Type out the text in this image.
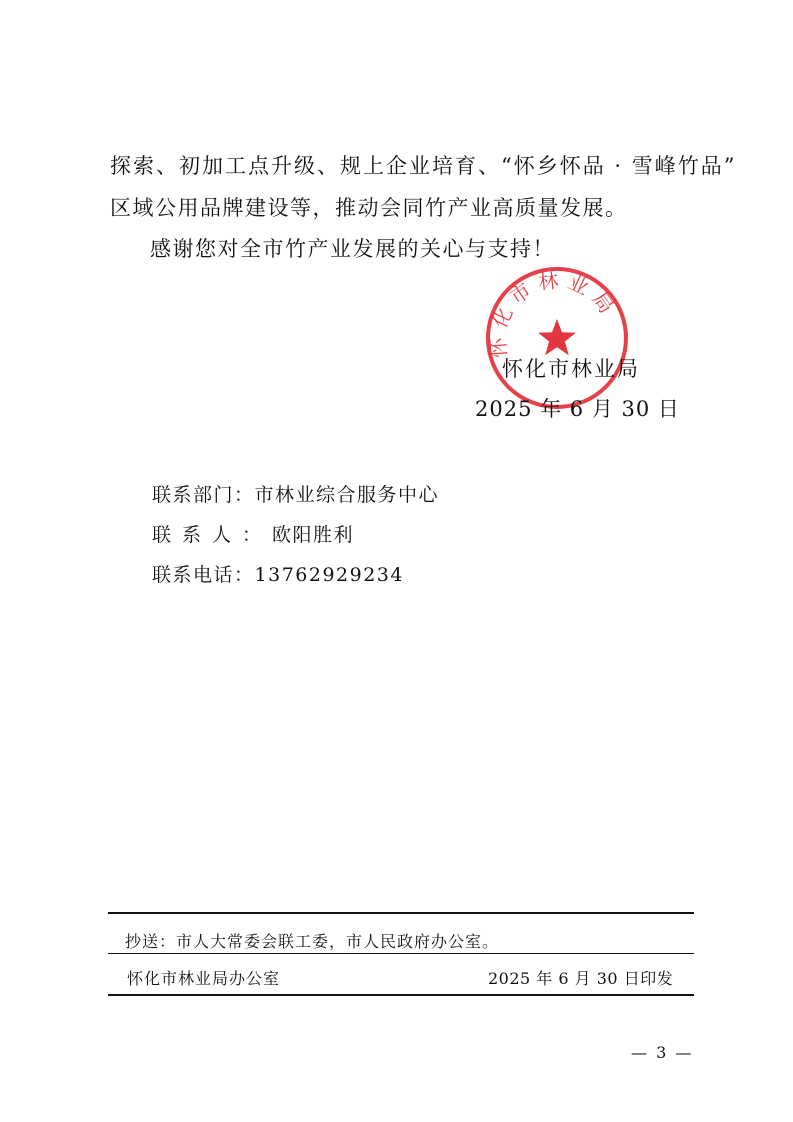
探索、初加工点升级、规上企业培育、“怀乡怀品 · 雪峰竹品”
区域公用品牌建设等，推动会同竹产业高质量发展。
感谢您对全市竹产业发展的关心与支持！
怀化市林业局
怀化市林业局
2025 年 6 月 30 日
联系部门：市林业综合服务中心
联系人：欧阳胜利
联系电话：13762929234
抄送：市人大常委会联工委，市人民政府办公室。
怀化市林业局办公室	2025 年 6 月 30 日印发
— 3 —
